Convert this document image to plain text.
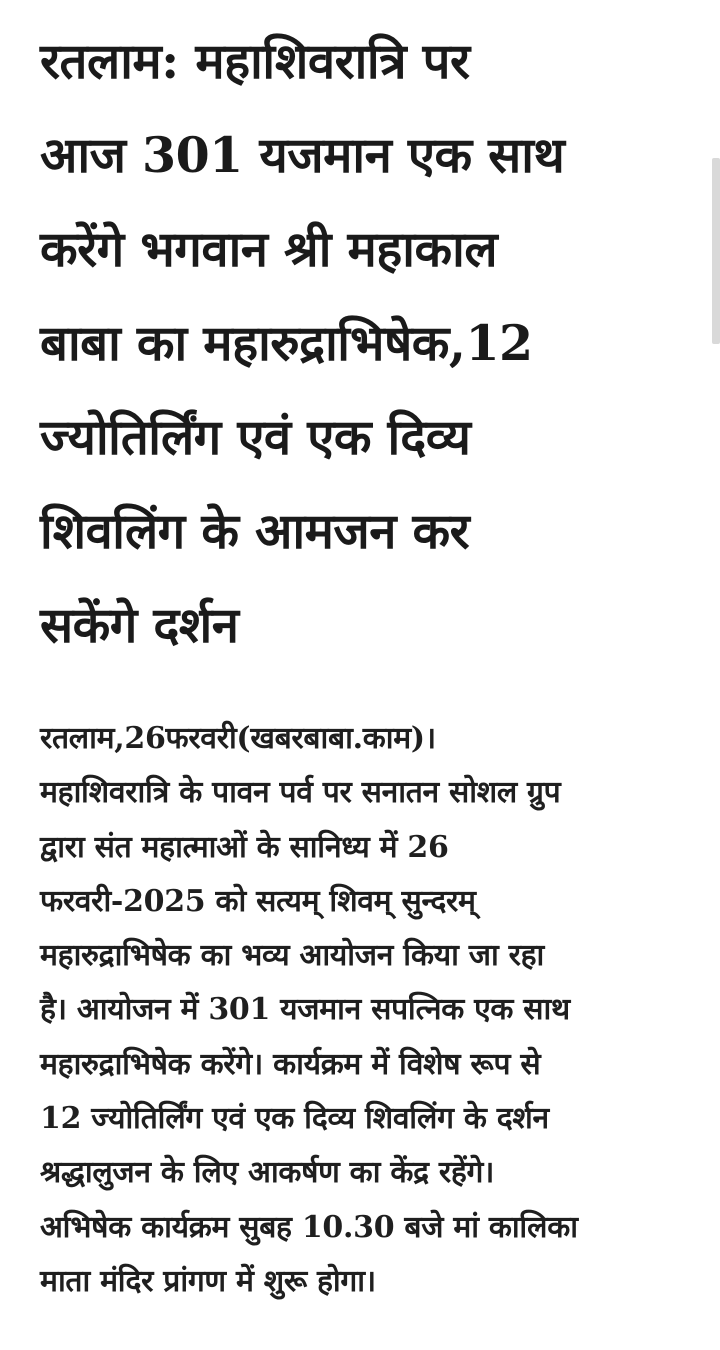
रतलाम: महाशिवरात्रि पर
आज 301 यजमान एक साथ
करेंगे भगवान श्री महाकाल
बाबा का महारुद्राभिषेक,12
ज्योतिर्लिंग एवं एक दिव्य
शिवलिंग के आमजन कर
सकेंगे दर्शन
रतलाम,26फरवरी(खबरबाबा.काम)।
महाशिवरात्रि के पावन पर्व पर सनातन सोशल ग्रुप
द्वारा संत महात्माओं के सानिध्य में 26
फरवरी-2025 को सत्यम् शिवम् सुन्दरम्
महारुद्राभिषेक का भव्य आयोजन किया जा रहा
है। आयोजन में 301 यजमान सपत्निक एक साथ
महारुद्राभिषेक करेंगे। कार्यक्रम में विशेष रूप से
12 ज्योतिर्लिंग एवं एक दिव्य शिवलिंग के दर्शन
श्रद्धालुजन के लिए आकर्षण का केंद्र रहेंगे।
अभिषेक कार्यक्रम सुबह 10.30 बजे मां कालिका
माता मंदिर प्रांगण में शुरू होगा।
